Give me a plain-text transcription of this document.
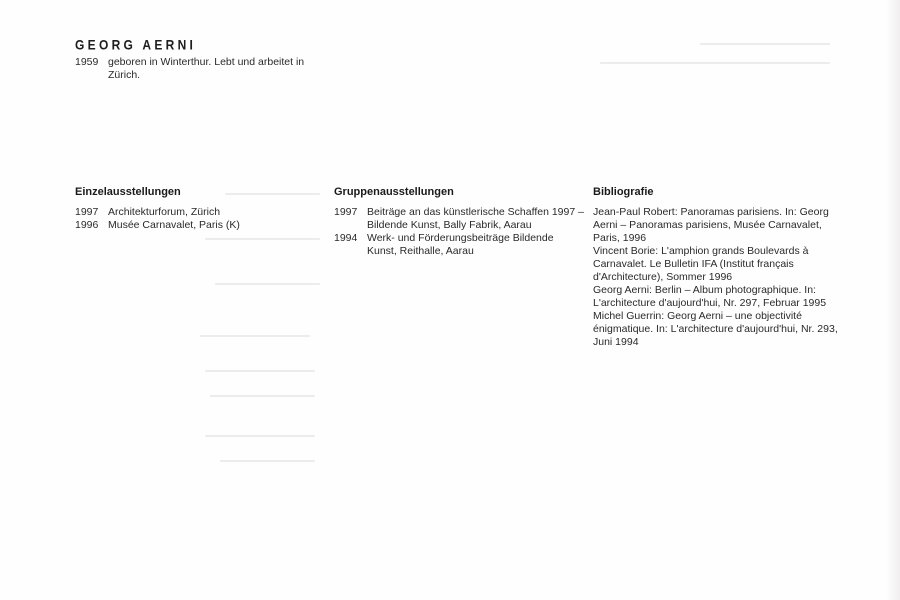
GEORG AERNI
1959 geboren in Winterthur. Lebt und arbeitet in Zürich.
Einzelausstellungen
1997 Architekturforum, Zürich
1996 Musée Carnavalet, Paris (K)
Gruppenausstellungen
1997 Beiträge an das künstlerische Schaffen 1997 – Bildende Kunst, Bally Fabrik, Aarau
1994 Werk- und Förderungsbeiträge Bildende Kunst, Reithalle, Aarau
Bibliografie
Jean-Paul Robert: Panoramas parisiens. In: Georg Aerni – Panoramas parisiens, Musée Carnavalet, Paris, 1996
Vincent Borie: L'amphion grands Boulevards à Carnavalet. Le Bulletin IFA (Institut français d'Architecture), Sommer 1996
Georg Aerni: Berlin – Album photographique. In: L'architecture d'aujourd'hui, Nr. 297, Februar 1995
Michel Guerrin: Georg Aerni – une objectivité énigmatique. In: L'architecture d'aujourd'hui, Nr. 293, Juni 1994
